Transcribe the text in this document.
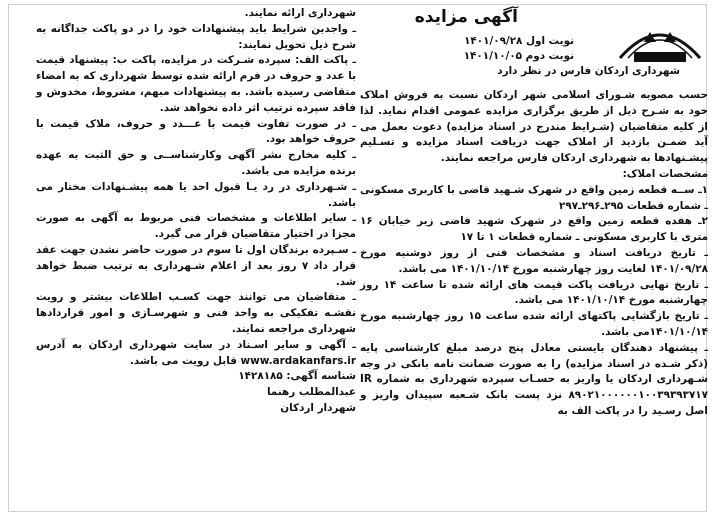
آگهی مزایده
نوبت اول ۱۴۰۱/۰۹/۲۸
نوبت دوم ۱۴۰۱/۱۰/۰۵
شهرداری اردکان فارس در نظر دارد

حسب مصوبه شـورای اسلامی شهر اردکان نسبت به فروش املاک خود به شـرح ذیل از طریق برگزاری مزایده عمومی اقدام نماید. لذا از کلیه متقاضیان (شـرایط مندرج در اسناد مزایده) دعوت بعمل می آید ضمـن بازدید از املاک جهت دریافت اسناد مزایده و تسـلیم پیشـنهادها به شهرداری اردکان فارس مراجعه نمایند.

مشخصات املاک:

۱ـ ســه قطعه زمین واقع در شهرک شـهید قاضی با کاربری مسکونی ـ شماره قطعات ۲۹۵ـ۲۹۶ـ۲۹۷

۲ـ هفده قطعه زمین واقع در شهرک شهید قاضی زیر خیابان ۱۶ متری با کاربری مسکونی ـ شماره قطعات ۱ تا ۱۷

ـ تاریخ دریافت اسناد و مشخصات فنی از روز دوشنبه مورخ ۱۴۰۱/۰۹/۲۸ لغایت روز چهارشنبه مورخ ۱۴۰۱/۱۰/۱۴ می باشد.

ـ تاریخ نهایی دریافت پاکت قیمت های ارائه شده تا ساعت ۱۴ روز چهارشنبه مورخ ۱۴۰۱/۱۰/۱۴ می باشد.

ـ تاریخ بازگشایی پاکتهای ارائه شده ساعت ۱۵ روز چهارشنبه مورخ ۱۴۰۱/۱۰/۱۴می باشد.

ـ پیشنهاد دهندگان بایستی معادل پنج درصد مبلغ کارشناسی پایه (ذکر شـده در اسناد مزایده) را به صورت ضمانت نامه بانکی در وجه شـهرداری اردکان یا واریز به حسـاب سپرده شهرداری به شماره IR ۸۹۰۲۱۰۰۰۰۰۰۱۰۰۳۹۳۹۳۷۱۷ نزد پست بانک شـعبه سپیدان واریز و اصل رسـید را در پاکت الف به

شهرداری ارائه نمایند.

ـ واجدین شرایط باید پیشنهادات خود را در دو پاکت جداگانه به شرح ذیل تحویل نمایند:

ـ پاکت الف: سپرده شـرکت در مزایده، پاکت ب: پیشنهاد قیمت با عدد و حروف در فرم ارائه شده توسط شهرداری که به امضاء متقاضی رسیده باشد. به پیشنهادات مبهم، مشروط، مخدوش و فاقد سپرده ترتیب اثر داده نخواهد شد.

ـ در صورت تفاوت قیمت با عـــدد و حروف، ملاک قیمت با حروف خواهد بود.

ـ کلیه مخارج نشر آگهی وکارشناســی و حق الثبت به عهده برنده مزایده می باشد.

ـ شـهرداری در رد یـا قبول احد یا همه پیشـنهادات مختار می باشد.

ـ سایر اطلاعات و مشخصات فنی مربوط به آگهی به صورت مجزا در اختیار متقاضیان قرار می گیرد.

ـ سـپرده برندگان اول تا سوم در صورت حاضر نشدن جهت عقد قرار داد ۷ روز بعد از اعلام شـهرداری به ترتیب ضبط خواهد شد.

ـ متقاضیان می توانند جهت کسـب اطلاعات بیشتر و رویت نقشـه تفکیکی به واحد فنی و شهرسـازی و امور قراردادها شهرداری مراجعه نمایند.

ـ آگهی و سایر اسـناد در سایت شهرداری اردکان به آدرس www.ardakanfars.ir قابل رویت می باشد.

شناسه آگهی: ۱۴۲۸۱۸۵

عبدالمطلب رهنما

شهردار اردکان
